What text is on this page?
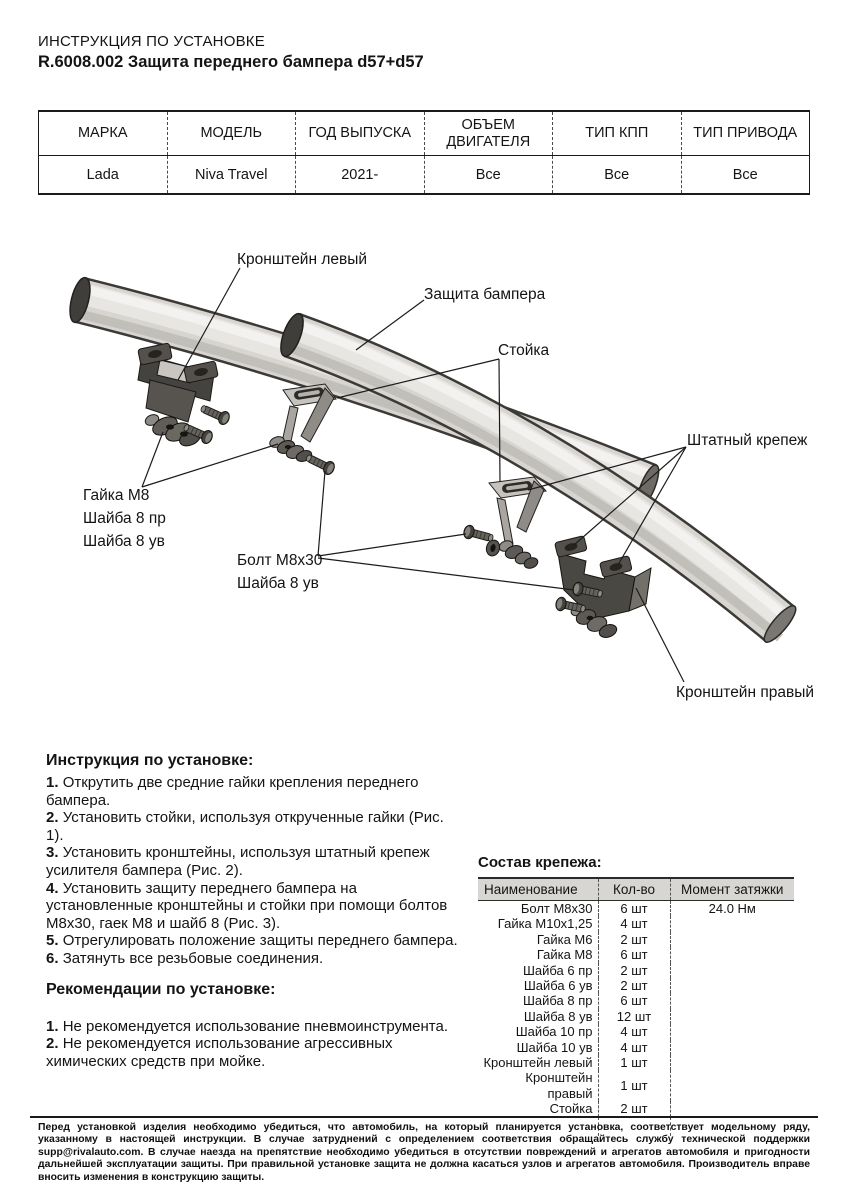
ИНСТРУКЦИЯ ПО УСТАНОВКЕ
R.6008.002 Защита переднего бампера d57+d57
МАРКА	МОДЕЛЬ	ГОД ВЫПУСКА	ОБЪЕМ ДВИГАТЕЛЯ	ТИП КПП	ТИП ПРИВОДА
Lada	Niva Travel	2021-	Все	Все	Все
Кронштейн левый
Защита бампера
Стойка
Штатный крепеж
Гайка М8
Шайба 8 пр
Шайба 8 ув
Болт М8х30
Шайба 8 ув
Кронштейн правый

Инструкция по установке:

1. Открутить две средние гайки крепления переднего бампера.

2. Установить стойки, используя открученные гайки (Рис. 1).

3. Установить кронштейны, используя штатный крепеж усилителя бампера (Рис. 2).

4. Установить защиту переднего бампера на установленные кронштейны и стойки при помощи болтов М8х30, гаек М8 и шайб 8 (Рис. 3).

5. Отрегулировать положение защиты переднего бампера.

6. Затянуть все резьбовые соединения.

Рекомендации по установке:

1. Не рекомендуется использование пневмоинструмента.

2. Не рекомендуется использование агрессивных химических средств при мойке.

Состав крепежа:

Наименование	Кол-во	Момент затяжки
Болт М8х30	6 шт	24.0 Нм
Гайка М10х1,25	4 шт	
Гайка М6	2 шт	
Гайка М8	6 шт	
Шайба 6 пр	2 шт	
Шайба 6 ув	2 шт	
Шайба 8 пр	6 шт	
Шайба 8 ув	12 шт	
Шайба 10 пр	4 шт	
Шайба 10 ув	4 шт	
Кронштейн левый	1 шт	
Кронштейн правый	1 шт	
Стойка	2 шт	

Перед установкой изделия необходимо убедиться, что автомобиль, на который планируется установка, соответствует модельному ряду, указанному в настоящей инструкции. В случае затруднений с определением соответствия обращайтесь службу технической поддержки supp@rivalauto.com. В случае наезда на препятствие необходимо убедиться в отсутствии повреждений и агрегатов автомобиля и пригодности дальнейшей эксплуатации защиты. При правильной установке защита не должна касаться узлов и агрегатов автомобиля. Производитель вправе вносить изменения в конструкцию защиты.
